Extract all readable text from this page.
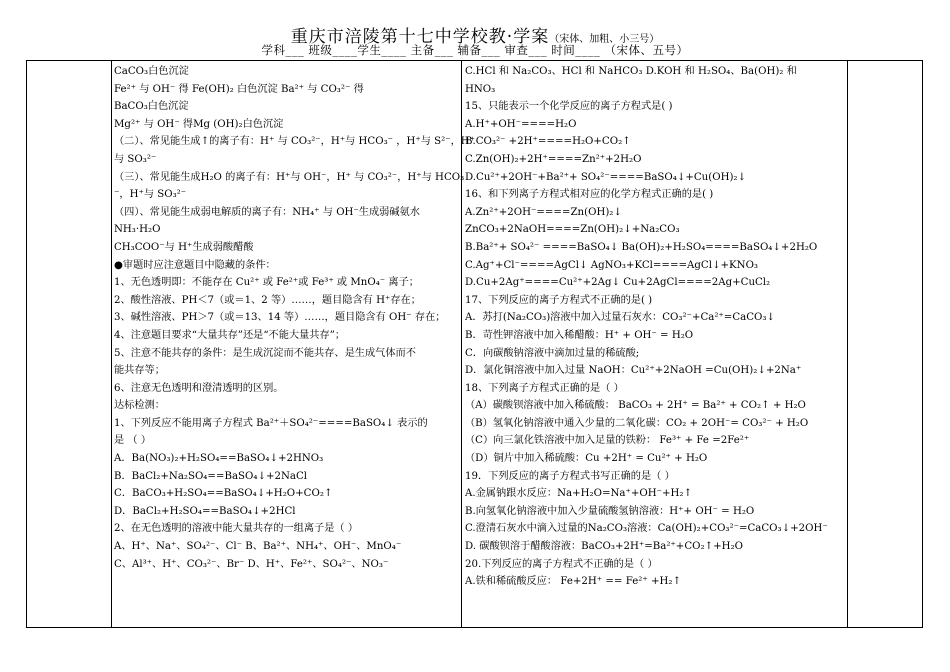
重庆市涪陵第十七中学校教·学案（宋体、加粗、小三号）
学科___ 班级____学生____ 主备___ 辅备___ 审查___ 时间____ （宋体、五号）
CaCO₃白色沉淀
Fe²⁺ 与 OH⁻ 得 Fe(OH)₂ 白色沉淀 Ba²⁺ 与 CO₃²⁻ 得
BaCO₃白色沉淀
Mg²⁺ 与 OH⁻ 得Mg (OH)₂白色沉淀
（二）、常见能生成↑的离子有：H⁺ 与 CO₃²⁻，H⁺与 HCO₃⁻ ，H⁺与 S²⁻，H⁺
与 SO₃²⁻
（三）、常见能生成H₂O 的离子有：H⁺与 OH⁻，H⁺ 与 CO₃²⁻，H⁺与 HCO₃
⁻，H⁺与 SO₃²⁻
（四）、常见能生成弱电解质的离子有：NH₄⁺ 与 OH⁻生成弱碱氨水
NH₃·H₂O
CH₃COO⁻与 H⁺生成弱酸醋酸
●审题时应注意题目中隐藏的条件：
1、无色透明即：不能存在 Cu²⁺ 或 Fe²⁺或 Fe³⁺ 或 MnO₄⁻ 离子；
2、酸性溶液、PH＜7（或＝1、2 等）……，题目隐含有 H⁺存在；
3、碱性溶液、PH＞7（或＝13、14 等）……，题目隐含有 OH⁻ 存在；
4、注意题目要求“大量共存”还是“不能大量共存”；
5、注意不能共存的条件：是生成沉淀而不能共存、是生成气体而不
能共存等；
6、注意无色透明和澄清透明的区别。
达标检测：
1、下列反应不能用离子方程式 Ba²⁺＋SO₄²⁻====BaSO₄↓ 表示的
是 （ ）
A．Ba(NO₃)₂+H₂SO₄==BaSO₄↓+2HNO₃
B．BaCl₂+Na₂SO₄==BaSO₄↓+2NaCl
C．BaCO₃+H₂SO₄==BaSO₄↓+H₂O+CO₂↑
D．BaCl₂+H₂SO₄==BaSO₄↓+2HCl
2、在无色透明的溶液中能大量共存的一组离子是（ ）
A、H⁺、Na⁺、SO₄²⁻、Cl⁻ B、Ba²⁺、NH₄⁺、OH⁻、MnO₄⁻
C、Al³⁺、H⁺、CO₃²⁻、Br⁻ D、H⁺、Fe²⁺、SO₄²⁻、NO₃⁻
C.HCl 和 Na₂CO₃、HCl 和 NaHCO₃ D.KOH 和 H₂SO₄、Ba(OH)₂ 和
HNO₃
15、只能表示一个化学反应的离子方程式是( )
A.H⁺+OH⁻====H₂O
B.CO₃²⁻ +2H⁺====H₂O+CO₂↑
C.Zn(OH)₂+2H⁺====Zn²⁺+2H₂O
D.Cu²⁺+2OH⁻+Ba²⁺+ SO₄²⁻====BaSO₄↓+Cu(OH)₂↓
16、和下列离子方程式相对应的化学方程式正确的是( )
A.Zn²⁺+2OH⁻====Zn(OH)₂↓
ZnCO₃+2NaOH====Zn(OH)₂↓+Na₂CO₃
B.Ba²⁺+ SO₄²⁻ ====BaSO₄↓ Ba(OH)₂+H₂SO₄====BaSO₄↓+2H₂O
C.Ag⁺+Cl⁻====AgCl↓ AgNO₃+KCl====AgCl↓+KNO₃
D.Cu+2Ag⁺====Cu²⁺+2Ag↓ Cu+2AgCl====2Ag+CuCl₂
17、下列反应的离子方程式不正确的是( )
A．苏打(Na₂CO₃)溶液中加入过量石灰水：CO₃²⁻+Ca²⁺=CaCO₃↓
B．苛性钾溶液中加入稀醋酸：H⁺ + OH⁻ = H₂O
C．向碳酸钠溶液中滴加过量的稀硫酸;
D．氯化铜溶液中加入过量 NaOH：Cu²⁺+2NaOH =Cu(OH)₂↓+2Na⁺
18、下列离子方程式正确的是（ ）
（A）碳酸钡溶液中加入稀硫酸： BaCO₃ + 2H⁺ = Ba²⁺ + CO₂↑ + H₂O
（B）氢氧化钠溶液中通入少量的二氧化碳：CO₂ + 2OH⁻= CO₃²⁻ + H₂O
（C）向三氯化铁溶液中加入足量的铁粉： Fe³⁺ + Fe =2Fe²⁺
（D）铜片中加入稀硫酸：Cu +2H⁺ = Cu²⁺ + H₂O
19．下列反应的离子方程式书写正确的是（ ）
A.金属钠跟水反应：Na+H₂O=Na⁺+OH⁻+H₂↑
B.向氢氧化钠溶液中加入少量硫酸氢钠溶液：H⁺+ OH⁻ = H₂O
C.澄清石灰水中滴入过量的Na₂CO₃溶液：Ca(OH)₂+CO₃²⁻=CaCO₃↓+2OH⁻
D. 碳酸钡溶于醋酸溶液：BaCO₃+2H⁺=Ba²⁺+CO₂↑+H₂O
20.下列反应的离子方程式不正确的是（ ）
A.铁和稀硫酸反应： Fe+2H⁺ == Fe²⁺ +H₂↑
